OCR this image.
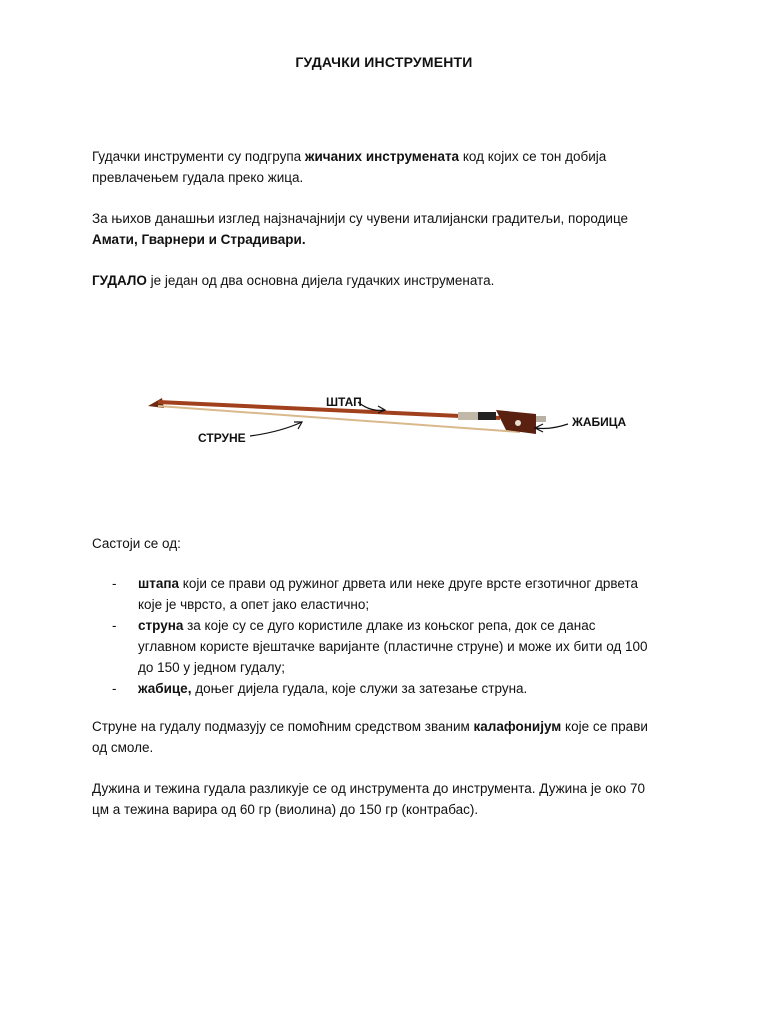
ГУДАЧКИ ИНСТРУМЕНТИ
Гудачки инструменти су подгрупа жичаних инструмената код којих се тон добија
превлачењем гудала преко жица.
За њихов данашњи изглед најзначајнији су чувени италијански градитељи, породице
Амати, Гварнери и Страдивари.
ГУДАЛО је један од два основна дијела гудачких инструмената.
ШТАП
СТРУНЕ
ЖАБИЦА
Састоји се од:
- штапа који се прави од ружиног дрвета или неке друге врсте егзотичног дрвета
које је чврсто, а опет јако еластично;
- струна за које су се дуго користиле длаке из коњског репа, док се данас
углавном користе вјештачке варијанте (пластичне струне) и може их бити од 100
до 150 у једном гудалу;
- жабице, доњег дијела гудала, које служи за затезање струна.
Струне на гудалу подмазују се помоћним средством званим калафонијум које се прави
од смоле.
Дужина и тежина гудала разликује се од инструмента до инструмента. Дужина је око 70
цм а тежина варира од 60 гр (виолина) до 150 гр (контрабас).
